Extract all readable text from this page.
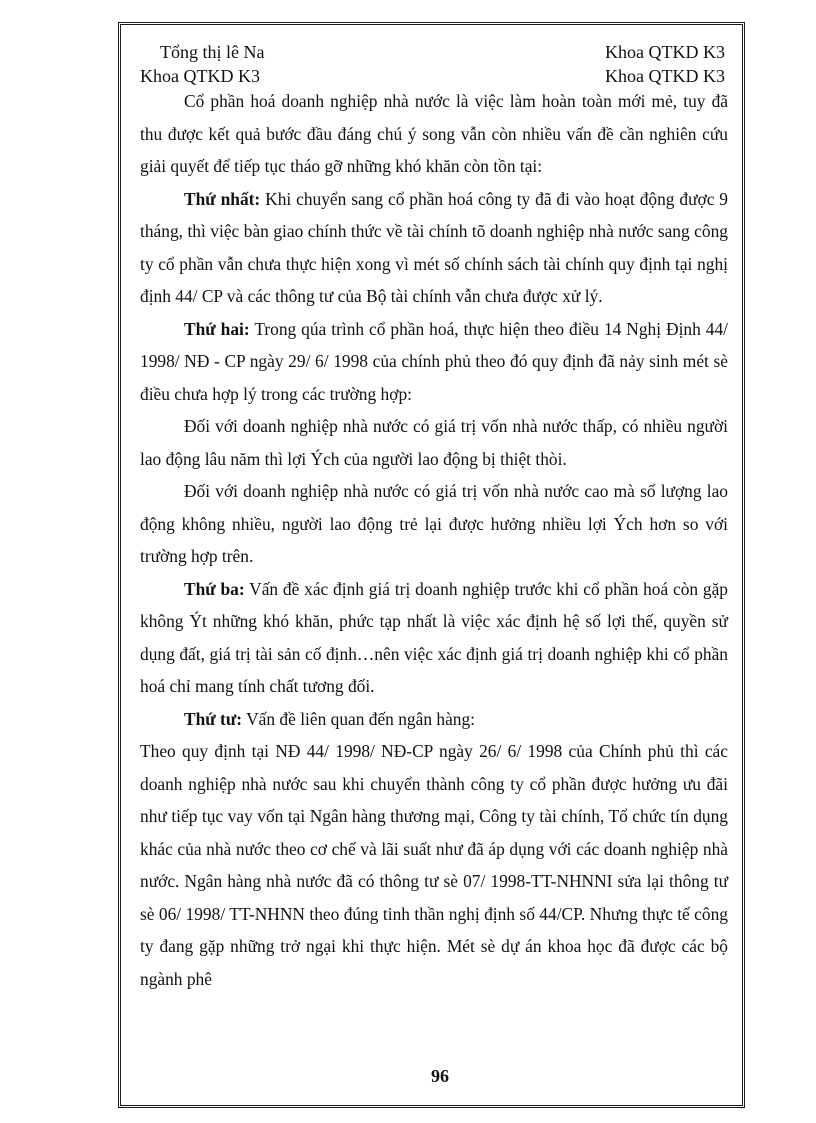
Tổng thị lê Na
Khoa QTKD K3
Khoa QTKD K3
Khoa QTKD K3

Cổ phần hoá doanh nghiệp nhà nước là việc làm hoàn toàn mới mẻ, tuy đã thu được kết quả bước đầu đáng chú ý song vẫn còn nhiều vấn đề cần nghiên cứu giải quyết để tiếp tục tháo gỡ những khó khăn còn tồn tại:

Thứ nhất: Khi chuyển sang cổ phần hoá công ty đã đi vào hoạt động được 9 tháng, thì việc bàn giao chính thức về tài chính tõ doanh nghiệp nhà nước sang công ty cổ phần vẫn chưa thực hiện xong vì mét số chính sách tài chính quy định tại nghị định 44/ CP và các thông tư của Bộ tài chính vẫn chưa được xử lý.

Thứ hai: Trong qúa trình cổ phần hoá, thực hiện theo điều 14 Nghị Định 44/ 1998/ NĐ - CP ngày 29/ 6/ 1998 của chính phủ theo đó quy định đã nảy sinh mét sè điều chưa hợp lý trong các trường hợp:

Đối với doanh nghiệp nhà nước có giá trị vốn nhà nước thấp, có nhiều người lao động lâu năm thì lợi Ých của người lao động bị thiệt thòi.

Đối với doanh nghiệp nhà nước có giá trị vốn nhà nước cao mà số lượng lao động không nhiều, người lao động trẻ lại được hưởng nhiều lợi Ých hơn so với trường hợp trên.

Thứ ba: Vấn đề xác định giá trị doanh nghiệp trước khi cổ phần hoá còn gặp không Ýt những khó khăn, phức tạp nhất là việc xác định hệ số lợi thế, quyền sử dụng đất, giá trị tài sản cố định…nên việc xác định giá trị doanh nghiệp khi cổ phần hoá chỉ mang tính chất tương đối.

Thứ tư: Vấn đề liên quan đến ngân hàng:

Theo quy định tại NĐ 44/ 1998/ NĐ-CP ngày 26/ 6/ 1998 của Chính phủ thì các doanh nghiệp nhà nước sau khi chuyển thành công ty cổ phần được hưởng ưu đãi như tiếp tục vay vốn tại Ngân hàng thương mại, Công ty tài chính, Tổ chức tín dụng khác của nhà nước theo cơ chế và lãi suất như đã áp dụng với các doanh nghiệp nhà nước. Ngân hàng nhà nước đã có thông tư sè 07/ 1998-TT-NHNNI sửa lại thông tư sè 06/ 1998/ TT-NHNN theo đúng tinh thần nghị định số 44/CP. Nhưng thực tế công ty đang gặp những trở ngại khi thực hiện. Mét sè dự án khoa học đã được các bộ ngành phê

96
